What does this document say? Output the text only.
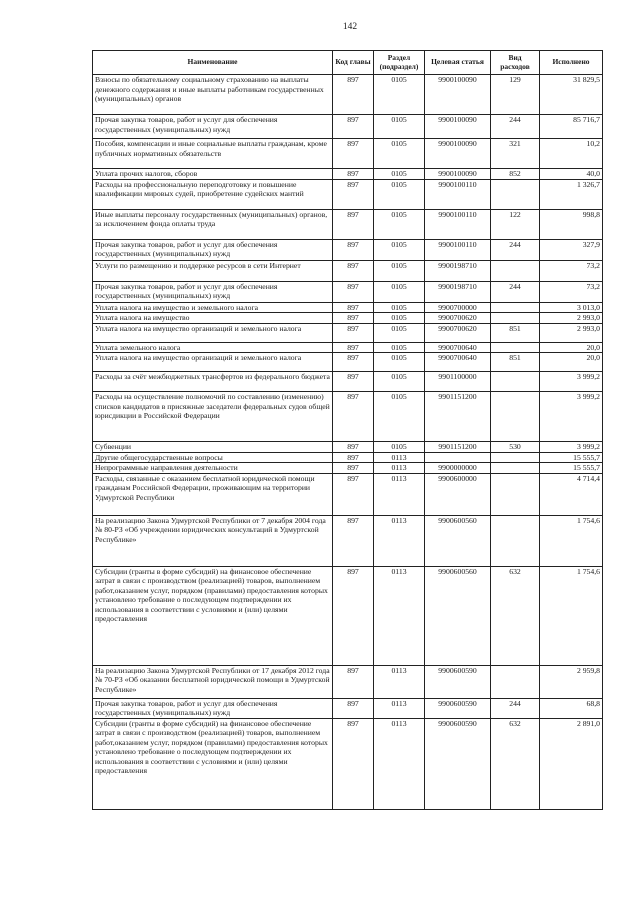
142
Наименование	Код главы	Раздел (подраздел)	Целевая статья	Вид расходов	Исполнено
Взносы по обязательному социальному страхованию на выплаты денежного содержания и иные выплаты работникам государственных (муниципальных) органов	897	0105	9900100090	129	31 829,5
Прочая закупка товаров, работ и услуг для обеспечения государственных (муниципальных) нужд	897	0105	9900100090	244	85 716,7
Пособия, компенсации и иные социальные выплаты гражданам, кроме публичных нормативных обязательств	897	0105	9900100090	321	10,2
Уплата прочих налогов, сборов	897	0105	9900100090	852	40,0
Расходы на профессиональную переподготовку и повышение квалификации мировых судей, приобретение судейских мантий	897	0105	9900100110		1 326,7
Иные выплаты персоналу государственных (муниципальных) органов, за исключением фонда оплаты труда	897	0105	9900100110	122	998,8
Прочая закупка товаров, работ и услуг для обеспечения государственных (муниципальных) нужд	897	0105	9900100110	244	327,9
Услуги по размещению и поддержке ресурсов в сети Интернет	897	0105	9900198710		73,2
Прочая закупка товаров, работ и услуг для обеспечения государственных (муниципальных) нужд	897	0105	9900198710	244	73,2
Уплата налога на имущество и земельного налога	897	0105	9900700000		3 013,0
Уплата налога на имущество	897	0105	9900700620		2 993,0
Уплата налога на имущество организаций и земельного налога	897	0105	9900700620	851	2 993,0
Уплата земельного налога	897	0105	9900700640		20,0
Уплата налога на имущество организаций и земельного налога	897	0105	9900700640	851	20,0
Расходы за счёт межбюджетных трансфертов из федерального бюджета	897	0105	9901100000		3 999,2
Расходы на осуществление полномочий по составлению (изменению) списков кандидатов в присяжные заседатели федеральных судов общей юрисдикции в Российской Федерации	897	0105	9901151200		3 999,2
Субвенции	897	0105	9901151200	530	3 999,2
Другие общегосударственные вопросы	897	0113			15 555,7
Непрограммные направления деятельности	897	0113	9900000000		15 555,7
Расходы, связанные с оказанием бесплатной юридической помощи гражданам Российской Федерации, проживающим на территории Удмуртской Республики	897	0113	9900600000		4 714,4
На реализацию Закона Удмуртской Республики от 7 декабря 2004 года № 80-РЗ «Об учреждении юридических консультаций в Удмуртской Республике»	897	0113	9900600560		1 754,6
Субсидии (гранты в форме субсидий) на финансовое обеспечение затрат в связи с производством (реализацией) товаров, выполнением работ,оказанием услуг, порядком (правилами) предоставления которых установлено требование о последующем подтверждении их использования в соответствии с условиями и (или) целями предоставления	897	0113	9900600560	632	1 754,6
На реализацию Закона Удмуртской Республики от 17 декабря 2012 года № 70-РЗ «Об оказании бесплатной юридической помощи в Удмуртской Республике»	897	0113	9900600590		2 959,8
Прочая закупка товаров, работ и услуг для обеспечения государственных (муниципальных) нужд	897	0113	9900600590	244	68,8
Субсидии (гранты в форме субсидий) на финансовое обеспечение затрат в связи с производством (реализацией) товаров, выполнением работ,оказанием услуг, порядком (правилами) предоставления которых установлено требование о последующем подтверждении их использования в соответствии с условиями и (или) целями предоставления	897	0113	9900600590	632	2 891,0
